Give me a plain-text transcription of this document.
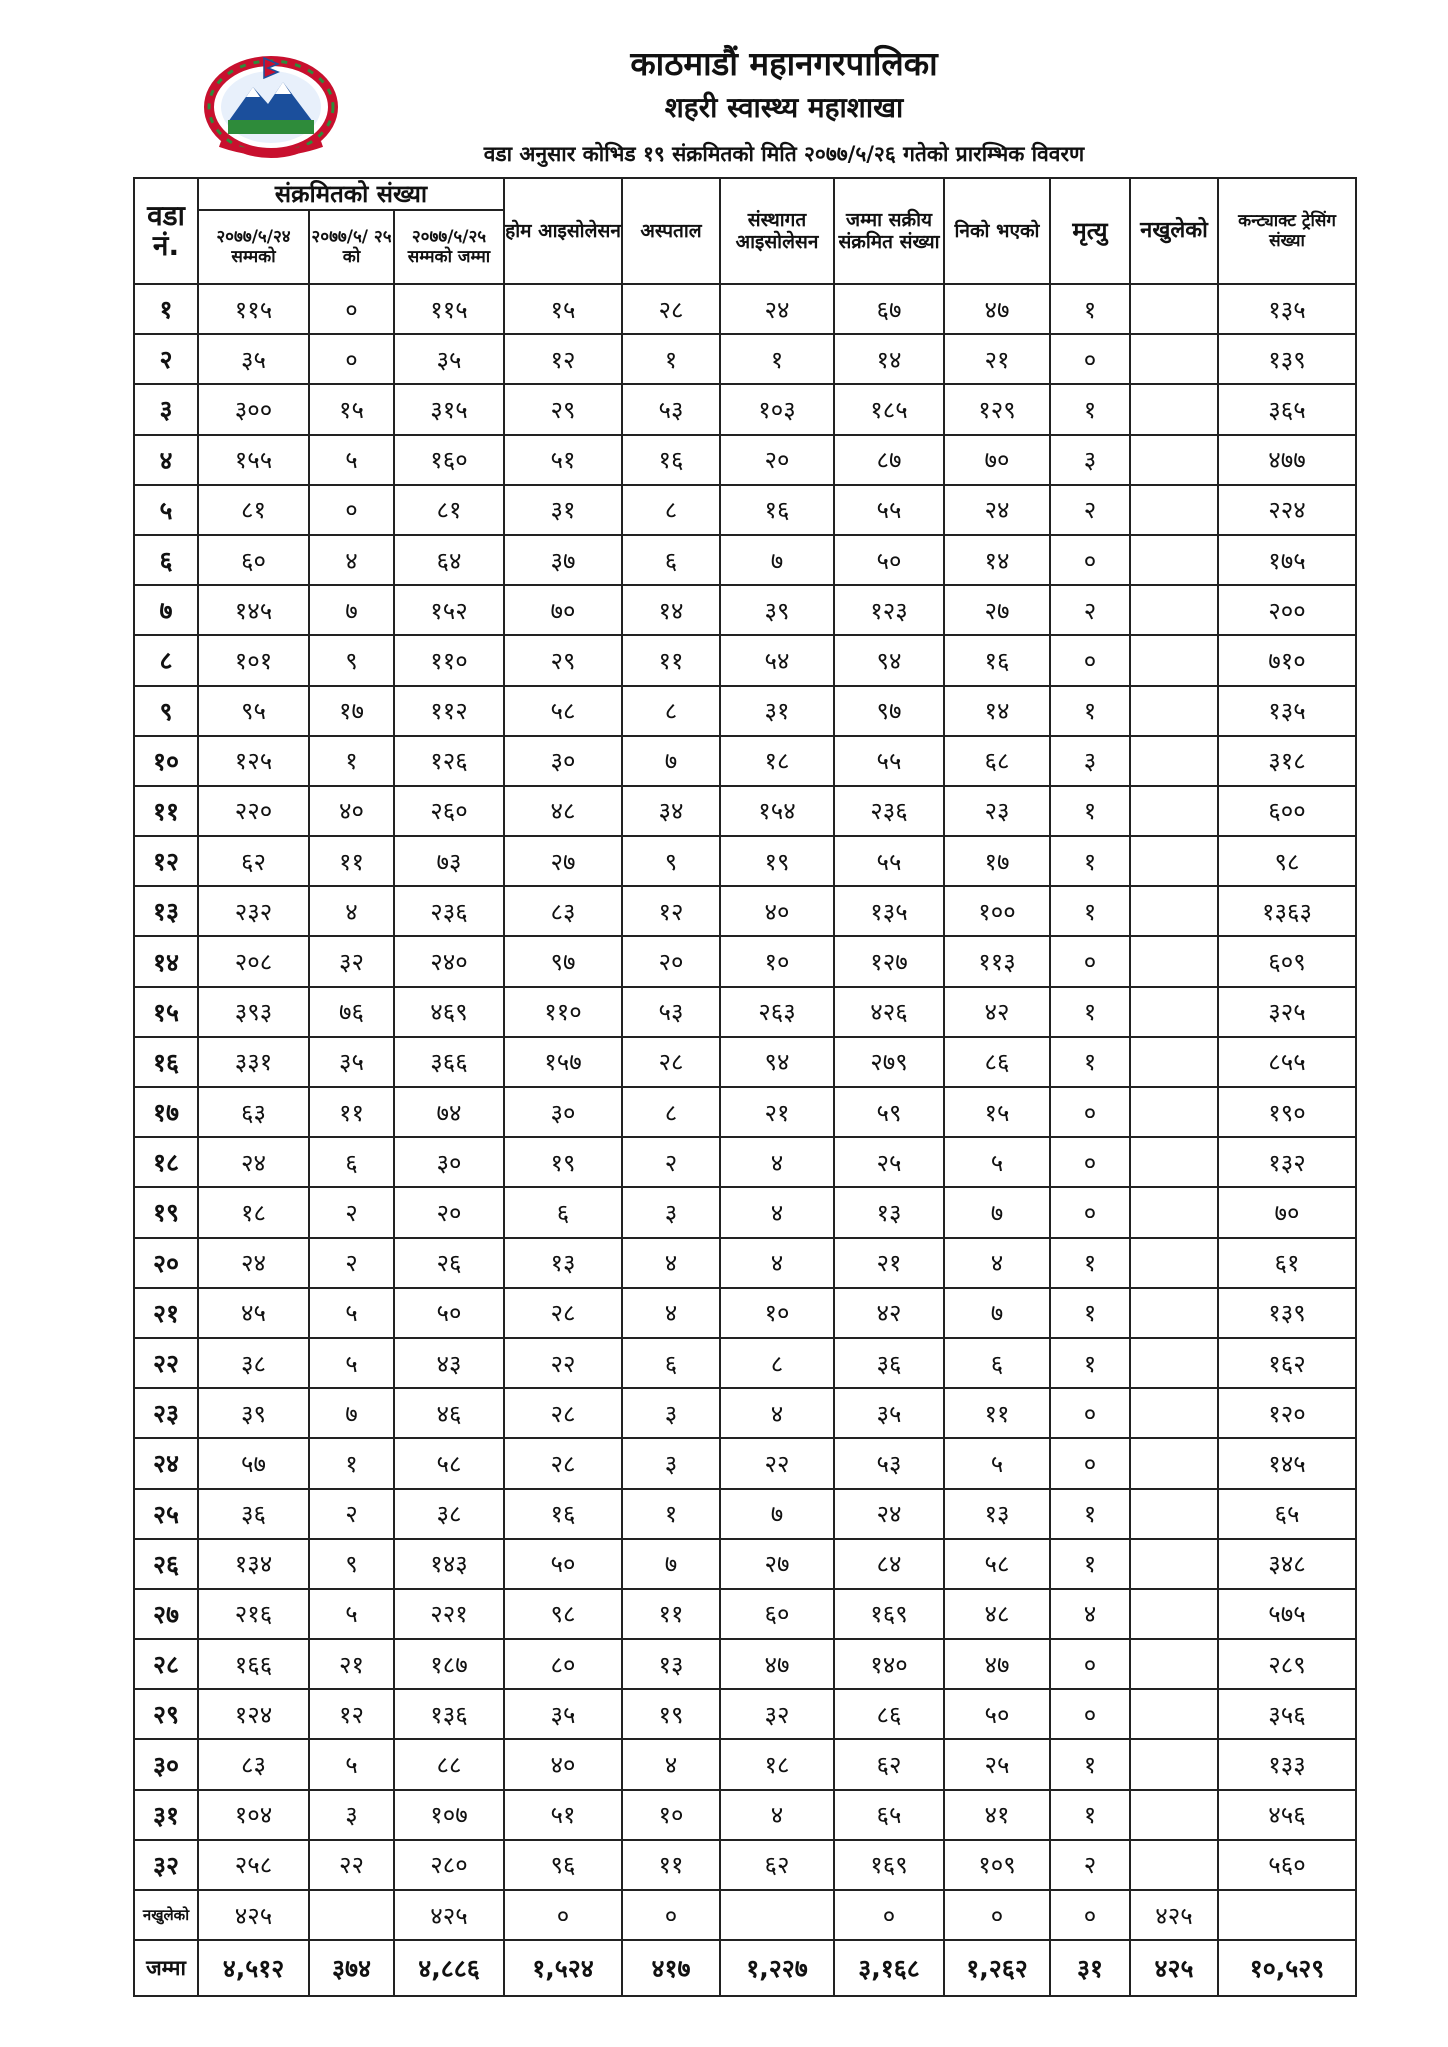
काठमाडौं महानगरपालिका
शहरी स्वास्थ्य महाशाखा
वडा अनुसार कोभिड १९ संक्रमितको मिति २०७७/५/२६ गतेको प्रारम्भिक विवरण
वडा नं.	संक्रमितको संख्या			होम आइसोलेसन	अस्पताल	संस्थागत आइसोलेसन	जम्मा सक्रीय संक्रमित संख्या	निको भएको	मृत्यु	नखुलेको	कन्ट्याक्ट ट्रेसिंग संख्या
	२०७७/५/२४ सम्मको	२०७७/५/ २५ को	२०७७/५/२५ सम्मको जम्मा								
१	११५	०	११५	१५	२८	२४	६७	४७	१		१३५
२	३५	०	३५	१२	१	१	१४	२१	०		१३९
३	३००	१५	३१५	२९	५३	१०३	१८५	१२९	१		३६५
४	१५५	५	१६०	५१	१६	२०	८७	७०	३		४७७
५	८१	०	८१	३१	८	१६	५५	२४	२		२२४
६	६०	४	६४	३७	६	७	५०	१४	०		१७५
७	१४५	७	१५२	७०	१४	३९	१२३	२७	२		२००
८	१०१	९	११०	२९	११	५४	९४	१६	०		७१०
९	९५	१७	११२	५८	८	३१	९७	१४	१		१३५
१०	१२५	१	१२६	३०	७	१८	५५	६८	३		३१८
११	२२०	४०	२६०	४८	३४	१५४	२३६	२३	१		६००
१२	६२	११	७३	२७	९	१९	५५	१७	१		९८
१३	२३२	४	२३६	८३	१२	४०	१३५	१००	१		१३६३
१४	२०८	३२	२४०	९७	२०	१०	१२७	११३	०		६०९
१५	३९३	७६	४६९	११०	५३	२६३	४२६	४२	१		३२५
१६	३३१	३५	३६६	१५७	२८	९४	२७९	८६	१		८५५
१७	६३	११	७४	३०	८	२१	५९	१५	०		१९०
१८	२४	६	३०	१९	२	४	२५	५	०		१३२
१९	१८	२	२०	६	३	४	१३	७	०		७०
२०	२४	२	२६	१३	४	४	२१	४	१		६१
२१	४५	५	५०	२८	४	१०	४२	७	१		१३९
२२	३८	५	४३	२२	६	८	३६	६	१		१६२
२३	३९	७	४६	२८	३	४	३५	११	०		१२०
२४	५७	१	५८	२८	३	२२	५३	५	०		१४५
२५	३६	२	३८	१६	१	७	२४	१३	१		६५
२६	१३४	९	१४३	५०	७	२७	८४	५८	१		३४८
२७	२१६	५	२२१	९८	११	६०	१६९	४८	४		५७५
२८	१६६	२१	१८७	८०	१३	४७	१४०	४७	०		२८९
२९	१२४	१२	१३६	३५	१९	३२	८६	५०	०		३५६
३०	८३	५	८८	४०	४	१८	६२	२५	१		१३३
३१	१०४	३	१०७	५१	१०	४	६५	४१	१		४५६
३२	२५८	२२	२८०	९६	११	६२	१६९	१०९	२		५६०
नखुलेको	४२५		४२५	०	०		०	०	०	४२५	
जम्मा	४,५१२	३७४	४,८८६	१,५२४	४१७	१,२२७	३,१६८	१,२६२	३१	४२५	१०,५२९
